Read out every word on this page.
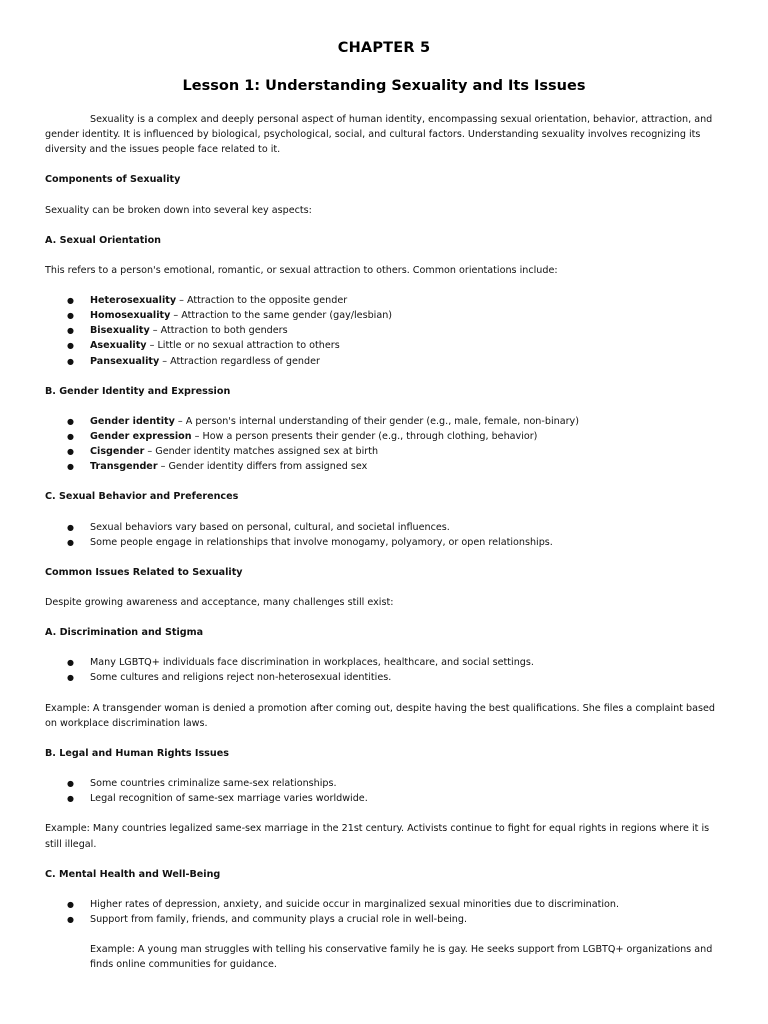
CHAPTER 5
Lesson 1: Understanding Sexuality and Its Issues

Sexuality is a complex and deeply personal aspect of human identity, encompassing sexual orientation, behavior, attraction, and gender identity. It is influenced by biological, psychological, social, and cultural factors. Understanding sexuality involves recognizing its diversity and the issues people face related to it.

Components of Sexuality

Sexuality can be broken down into several key aspects:

A. Sexual Orientation

This refers to a person's emotional, romantic, or sexual attraction to others. Common orientations include:

● Heterosexuality – Attraction to the opposite gender
● Homosexuality – Attraction to the same gender (gay/lesbian)
● Bisexuality – Attraction to both genders
● Asexuality – Little or no sexual attraction to others
● Pansexuality – Attraction regardless of gender

B. Gender Identity and Expression

● Gender identity – A person's internal understanding of their gender (e.g., male, female, non-binary)
● Gender expression – How a person presents their gender (e.g., through clothing, behavior)
● Cisgender – Gender identity matches assigned sex at birth
● Transgender – Gender identity differs from assigned sex

C. Sexual Behavior and Preferences

● Sexual behaviors vary based on personal, cultural, and societal influences.
● Some people engage in relationships that involve monogamy, polyamory, or open relationships.

Common Issues Related to Sexuality

Despite growing awareness and acceptance, many challenges still exist:

A. Discrimination and Stigma

● Many LGBTQ+ individuals face discrimination in workplaces, healthcare, and social settings.
● Some cultures and religions reject non-heterosexual identities.

Example: A transgender woman is denied a promotion after coming out, despite having the best qualifications. She files a complaint based on workplace discrimination laws.

B. Legal and Human Rights Issues

● Some countries criminalize same-sex relationships.
● Legal recognition of same-sex marriage varies worldwide.

Example: Many countries legalized same-sex marriage in the 21st century. Activists continue to fight for equal rights in regions where it is still illegal.

C. Mental Health and Well-Being

● Higher rates of depression, anxiety, and suicide occur in marginalized sexual minorities due to discrimination.
● Support from family, friends, and community plays a crucial role in well-being.

Example: A young man struggles with telling his conservative family he is gay. He seeks support from LGBTQ+ organizations and finds online communities for guidance.
